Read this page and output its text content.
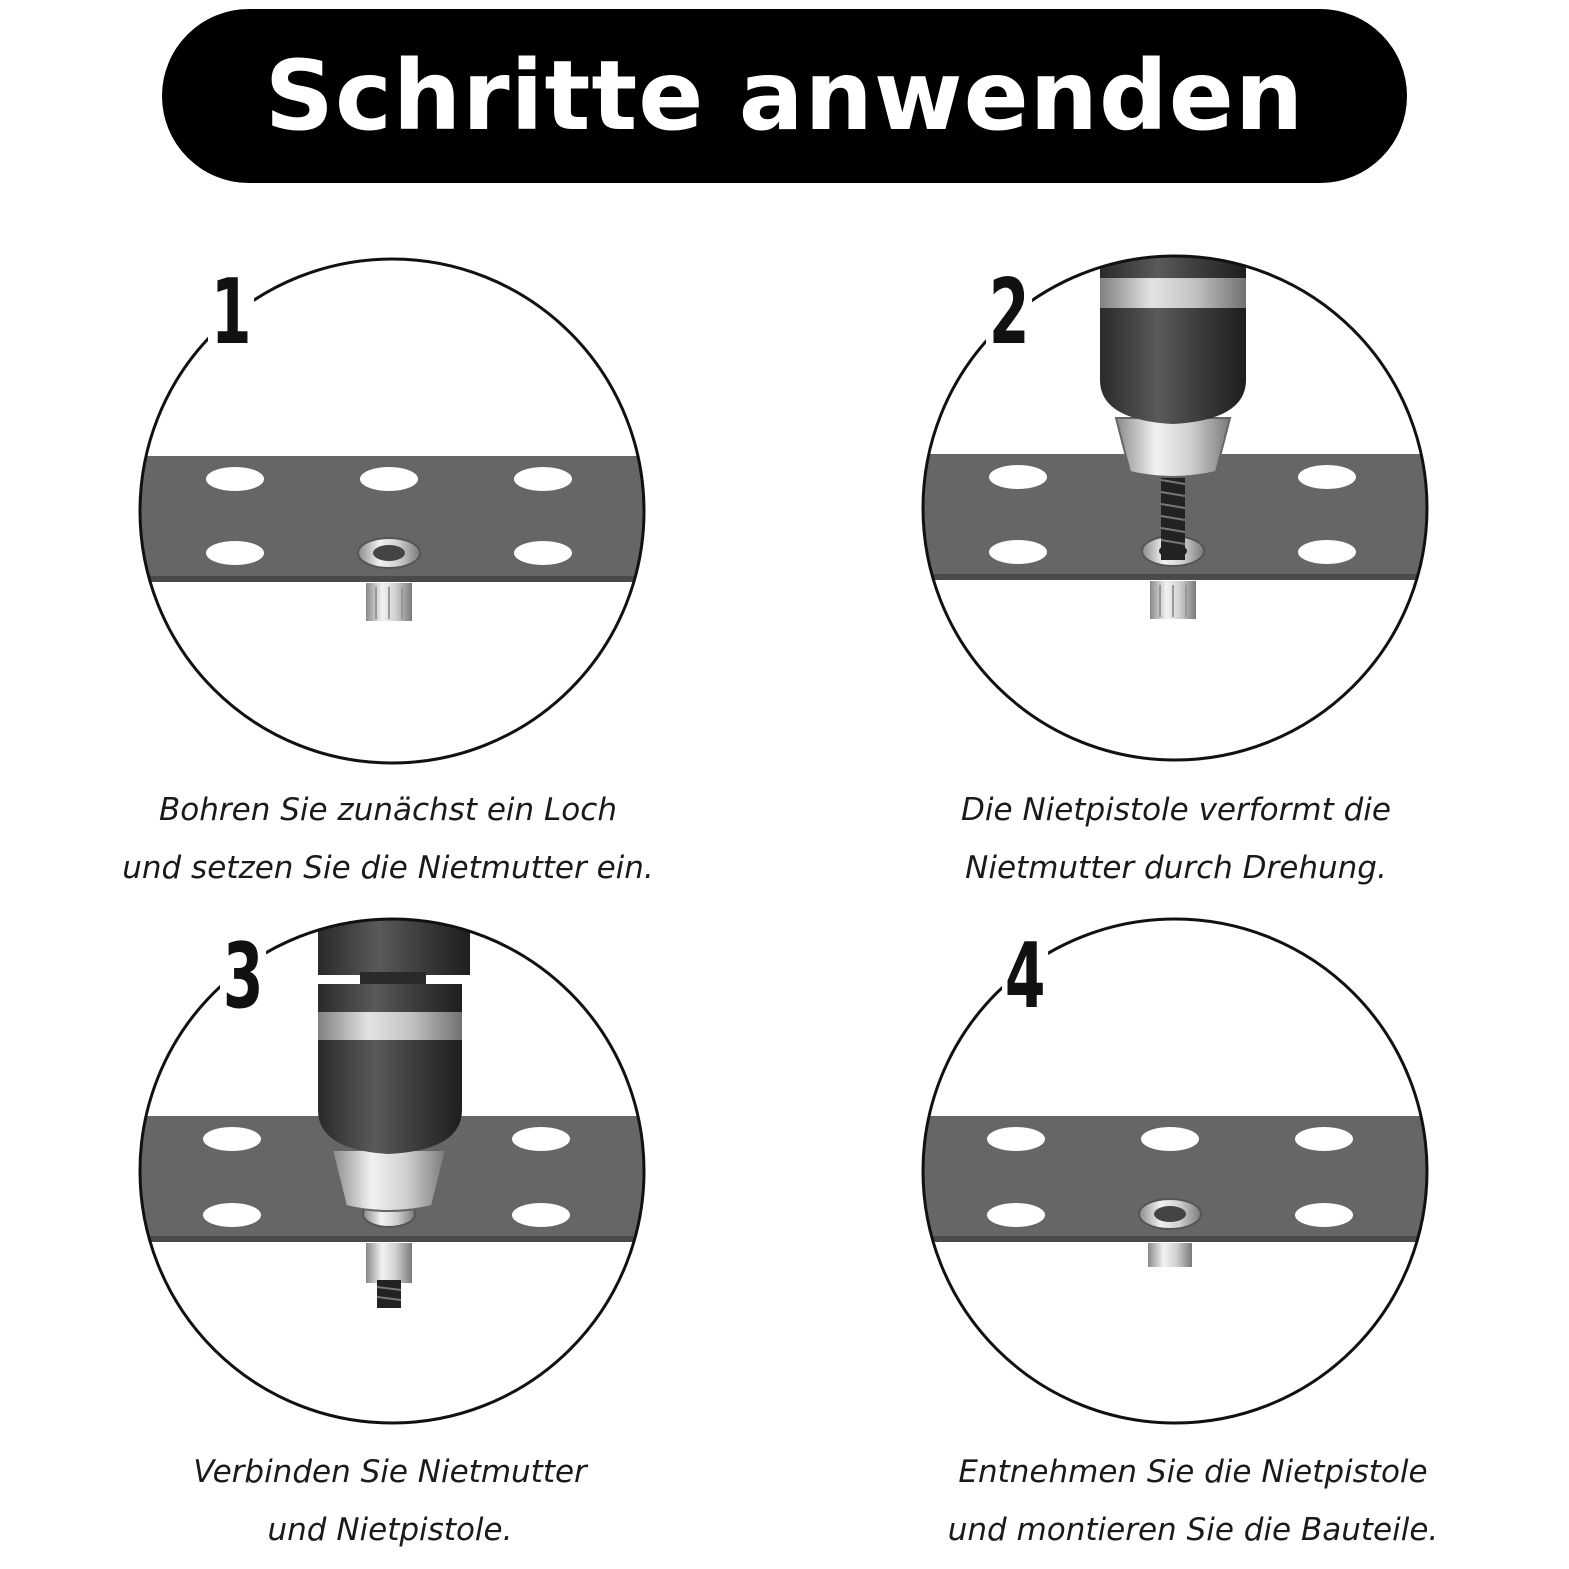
Schritte anwenden
1	2
3	4
Bohren Sie zunächst ein Loch
und setzen Sie die Nietmutter ein.
Die Nietpistole verformt die
Nietmutter durch Drehung.
Verbinden Sie Nietmutter
und Nietpistole.
Entnehmen Sie die Nietpistole
und montieren Sie die Bauteile.
